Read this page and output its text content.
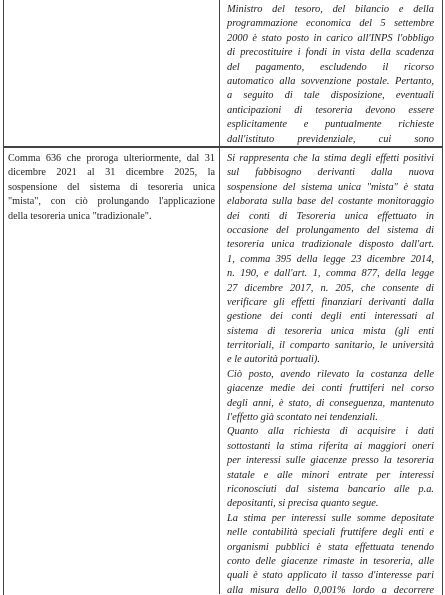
Ministro del tesoro, del bilancio e della
programmazione economica del 5 settembre
2000 è stato posto in carico all'INPS l'obbligo
di precostituire i fondi in vista della scadenza
del pagamento, escludendo il ricorso
automatico alla sovvenzione postale. Pertanto,
a seguito di tale disposizione, eventuali
anticipazioni di tesoreria devono essere
esplicitamente e puntualmente richieste
dall'istituto previdenziale, cui sono
Comma 636 che proroga ulteriormente, dal 31
dicembre 2021 al 31 dicembre 2025, la
sospensione del sistema di tesoreria unica
"mista", con ciò prolungando l'applicazione
della tesoreria unica "tradizionale".
Si rappresenta che la stima degli effetti positivi
sul fabbisogno derivanti dalla nuova
sospensione del sistema unica "mista" è stata
elaborata sulla base del costante monitoraggio
dei conti di Tesoreria unica effettuato in
occasione del prolungamento del sistema di
tesoreria unica tradizionale disposto dall'art.
1, comma 395 della legge 23 dicembre 2014,
n. 190, e dall'art. 1, comma 877, della legge
27 dicembre 2017, n. 205, che consente di
verificare gli effetti finanziari derivanti dalla
gestione dei conti degli enti interessati al
sistema di tesoreria unica mista (gli enti
territoriali, il comparto sanitario, le università
e le autorità portuali).
Ciò posto, avendo rilevato la costanza delle
giacenze medie dei conti fruttiferi nel corso
degli anni, è stato, di conseguenza, mantenuto
l'effetto già scontato nei tendenziali.
Quanto alla richiesta di acquisire i dati
sottostanti la stima riferita ai maggiori oneri
per interessi sulle giacenze presso la tesoreria
statale e alle minori entrate per interessi
riconosciuti dal sistema bancario alle p.a.
depositanti, si precisa quanto segue.
La stima per interessi sulle somme depositate
nelle contabilità speciali fruttifere degli enti e
organismi pubblici è stata effettuata tenendo
conto delle giacenze rimaste in tesoreria, alle
quali è stato applicato il tasso d'interesse pari
alla misura dello 0,001% lordo a decorrere
